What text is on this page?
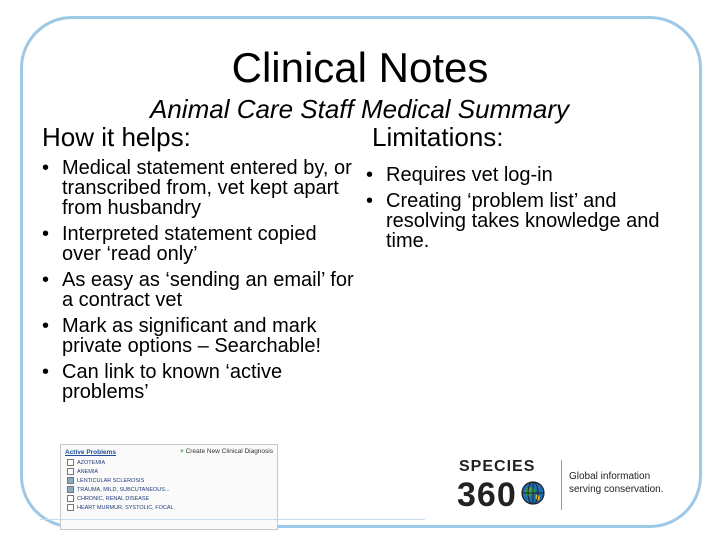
Clinical Notes
Animal Care Staff Medical Summary
How it helps:	Limitations:
• Medical statement entered by, or transcribed from, vet kept apart from husbandry
• Interpreted statement copied over ‘read only’
• As easy as ‘sending an email’ for a contract vet
• Mark as significant and mark private options – Searchable!
• Can link to known ‘active problems’
• Requires vet log-in
• Creating ‘problem list’ and resolving takes knowledge and time.
Active Problems	+ Create New Clinical Diagnosis
AZOTEMIA
ANEMIA
LENTICULAR SCLEROSIS
TRAUMA, MILD, SUBCUTANEOUS...
CHRONIC, RENAL DISEASE
HEART MURMUR, SYSTOLIC, FOCAL
SPECIES
360	Global information
serving conservation.
